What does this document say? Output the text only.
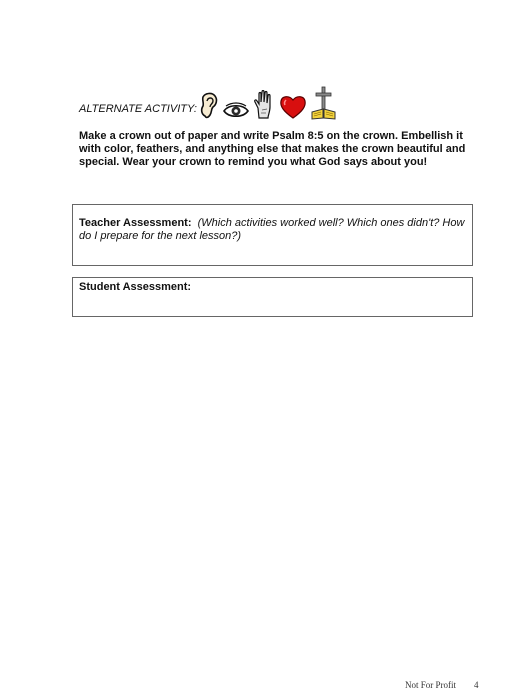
ALTERNATE ACTIVITY:
Make a crown out of paper and write Psalm 8:5 on the crown. Embellish it with color, feathers, and anything else that makes the crown beautiful and special. Wear your crown to remind you what God says about you!
Teacher Assessment: (Which activities worked well? Which ones didn't? How do I prepare for the next lesson?)
Student Assessment:
Not For Profit 4
